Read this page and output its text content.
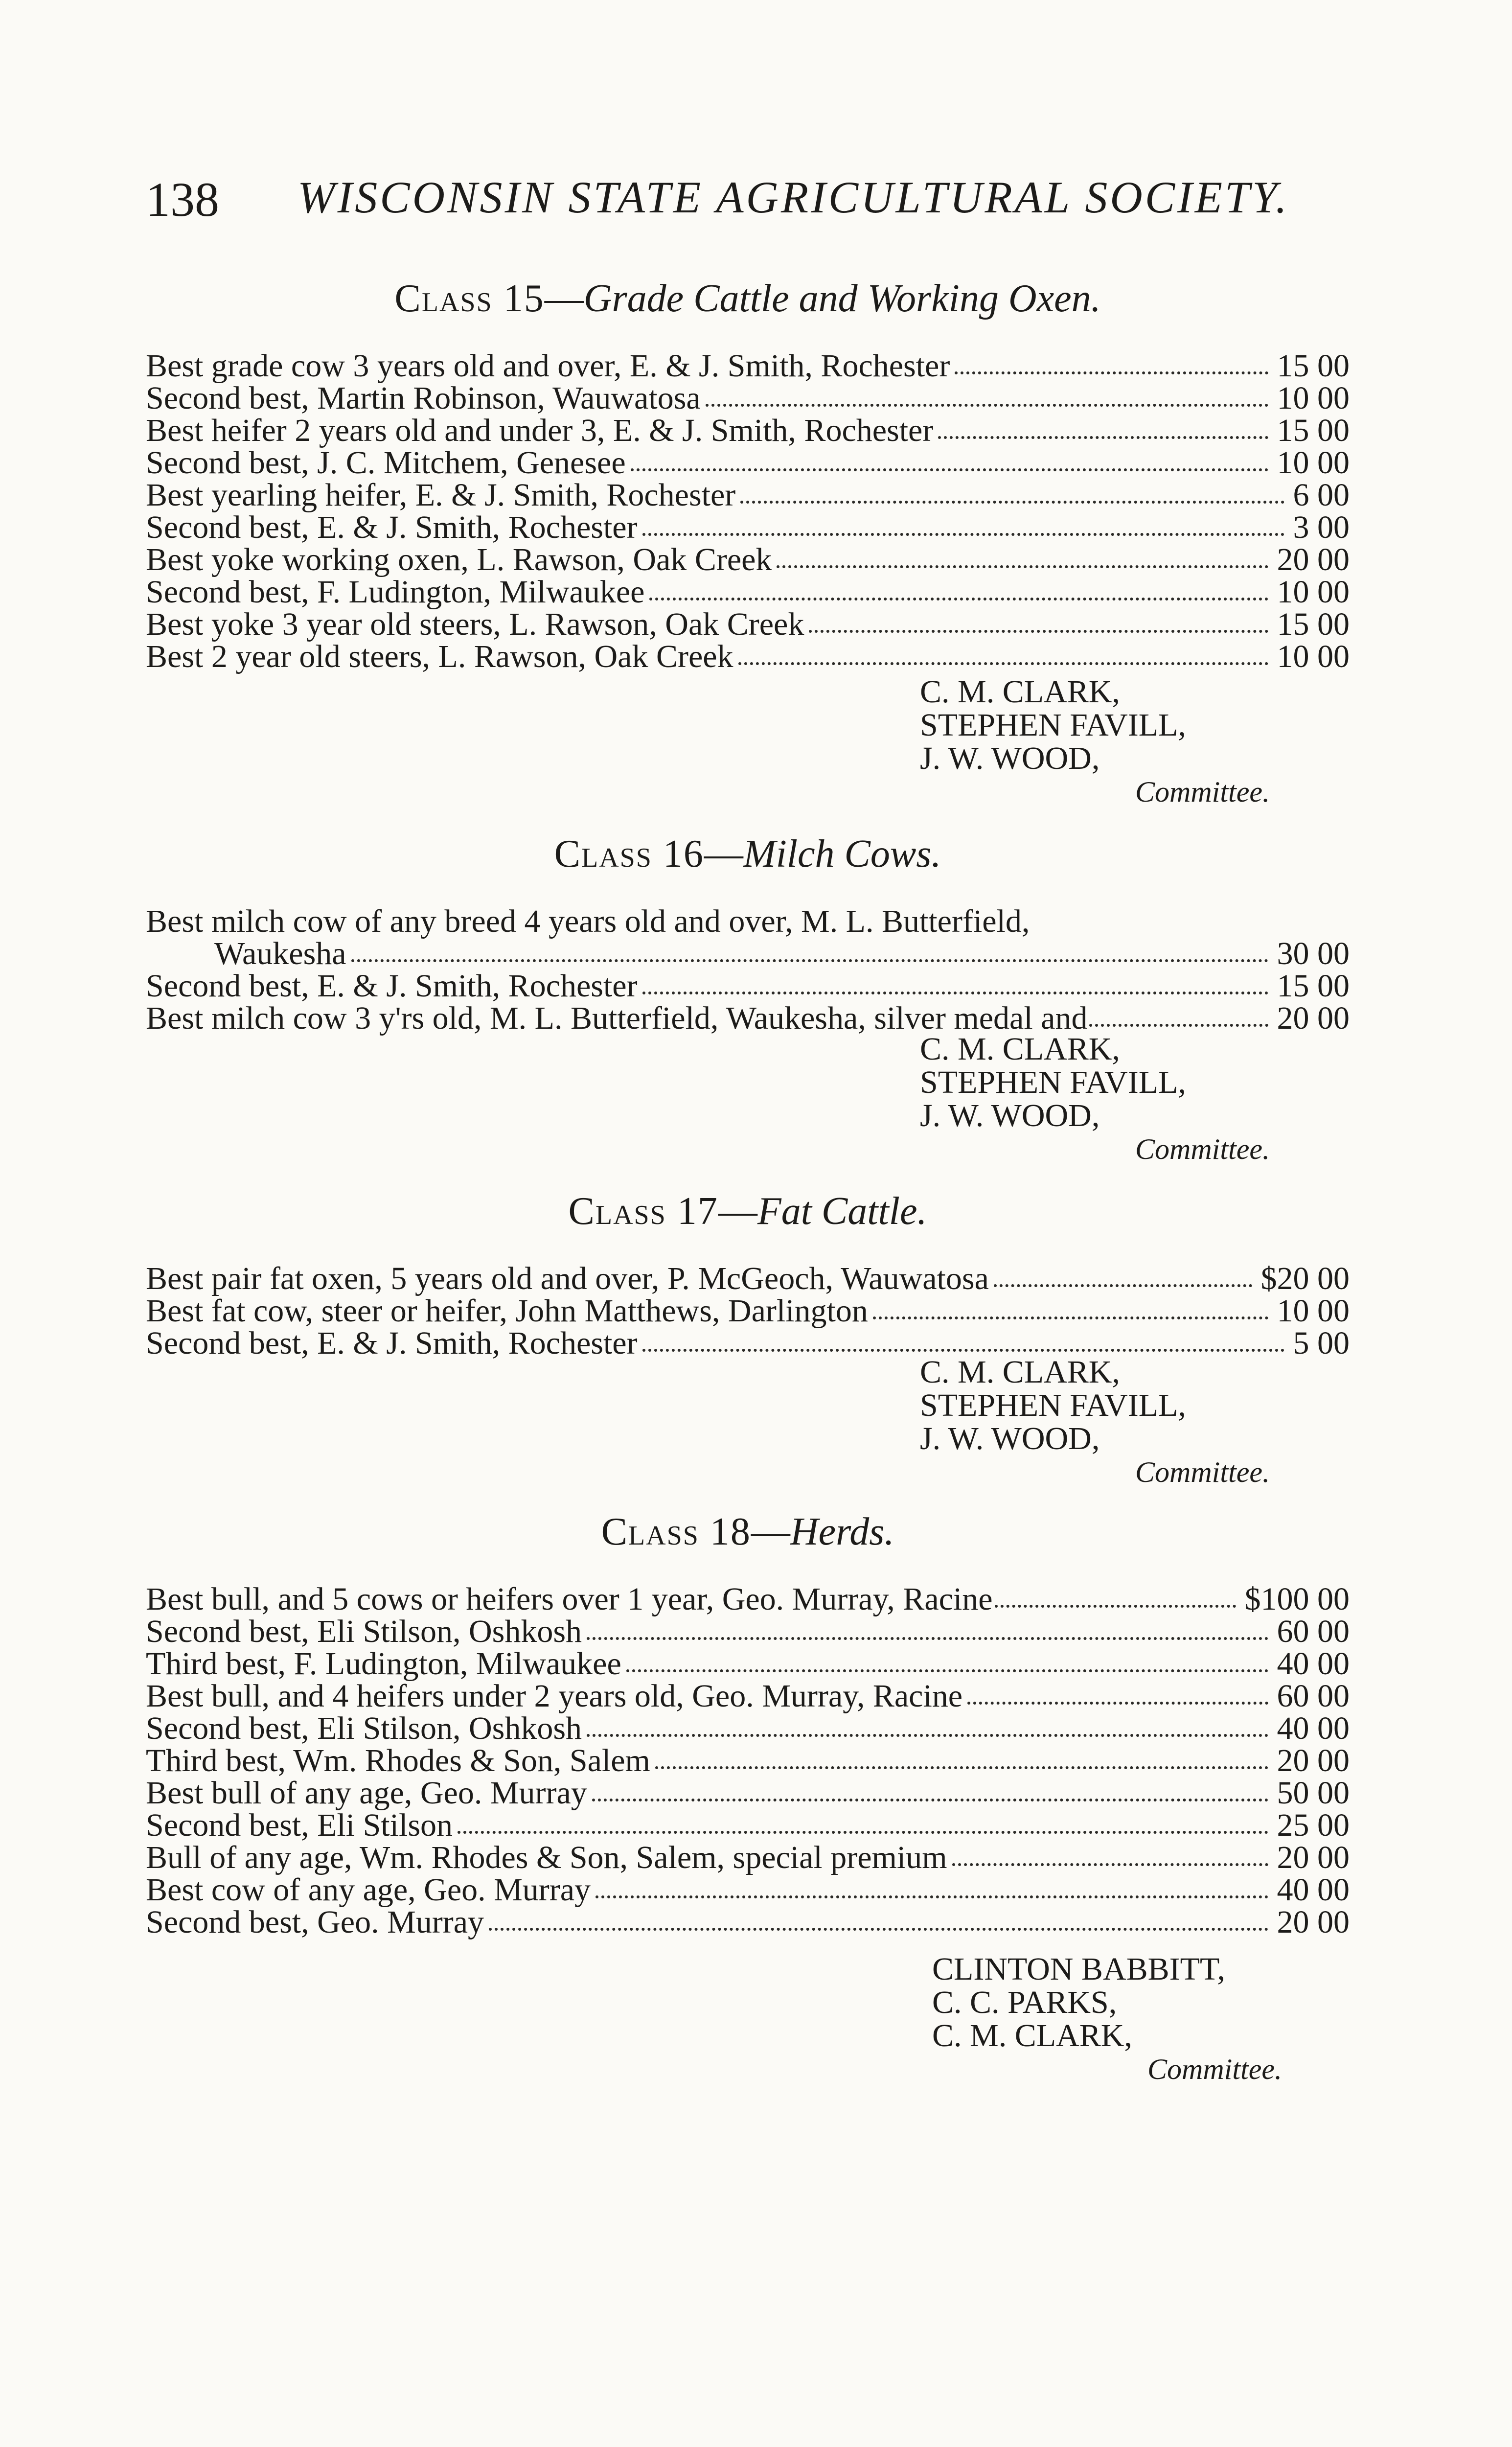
138 WISCONSIN STATE AGRICULTURAL SOCIETY.
Class 15—Grade Cattle and Working Oxen.
Best grade cow 3 years old and over, E. & J. Smith, Rochester	15 00
Second best, Martin Robinson, Wauwatosa	10 00
Best heifer 2 years old and under 3, E. & J. Smith, Rochester	15 00
Second best, J. C. Mitchem, Genesee	10 00
Best yearling heifer, E. & J. Smith, Rochester	6 00
Second best, E. & J. Smith, Rochester	3 00
Best yoke working oxen, L. Rawson, Oak Creek	20 00
Second best, F. Ludington, Milwaukee	10 00
Best yoke 3 year old steers, L. Rawson, Oak Creek	15 00
Best 2 year old steers, L. Rawson, Oak Creek	10 00
C. M. CLARK,
STEPHEN FAVILL,
J. W. WOOD,
Committee.
Class 16—Milch Cows.
Best milch cow of any breed 4 years old and over, M. L. Butterfield,
Waukesha	30 00
Second best, E. & J. Smith, Rochester	15 00
Best milch cow 3 y'rs old, M. L. Butterfield, Waukesha, silver medal and	20 00
C. M. CLARK,
STEPHEN FAVILL,
J. W. WOOD,
Committee.
Class 17—Fat Cattle.
Best pair fat oxen, 5 years old and over, P. McGeoch, Wauwatosa	$20 00
Best fat cow, steer or heifer, John Matthews, Darlington	10 00
Second best, E. & J. Smith, Rochester	5 00
C. M. CLARK,
STEPHEN FAVILL,
J. W. WOOD,
Committee.
Class 18—Herds.
Best bull, and 5 cows or heifers over 1 year, Geo. Murray, Racine	$100 00
Second best, Eli Stilson, Oshkosh	60 00
Third best, F. Ludington, Milwaukee	40 00
Best bull, and 4 heifers under 2 years old, Geo. Murray, Racine	60 00
Second best, Eli Stilson, Oshkosh	40 00
Third best, Wm. Rhodes & Son, Salem	20 00
Best bull of any age, Geo. Murray	50 00
Second best, Eli Stilson	25 00
Bull of any age, Wm. Rhodes & Son, Salem, special premium	20 00
Best cow of any age, Geo. Murray	40 00
Second best, Geo. Murray	20 00
CLINTON BABBITT,
C. C. PARKS,
C. M. CLARK,
Committee.
